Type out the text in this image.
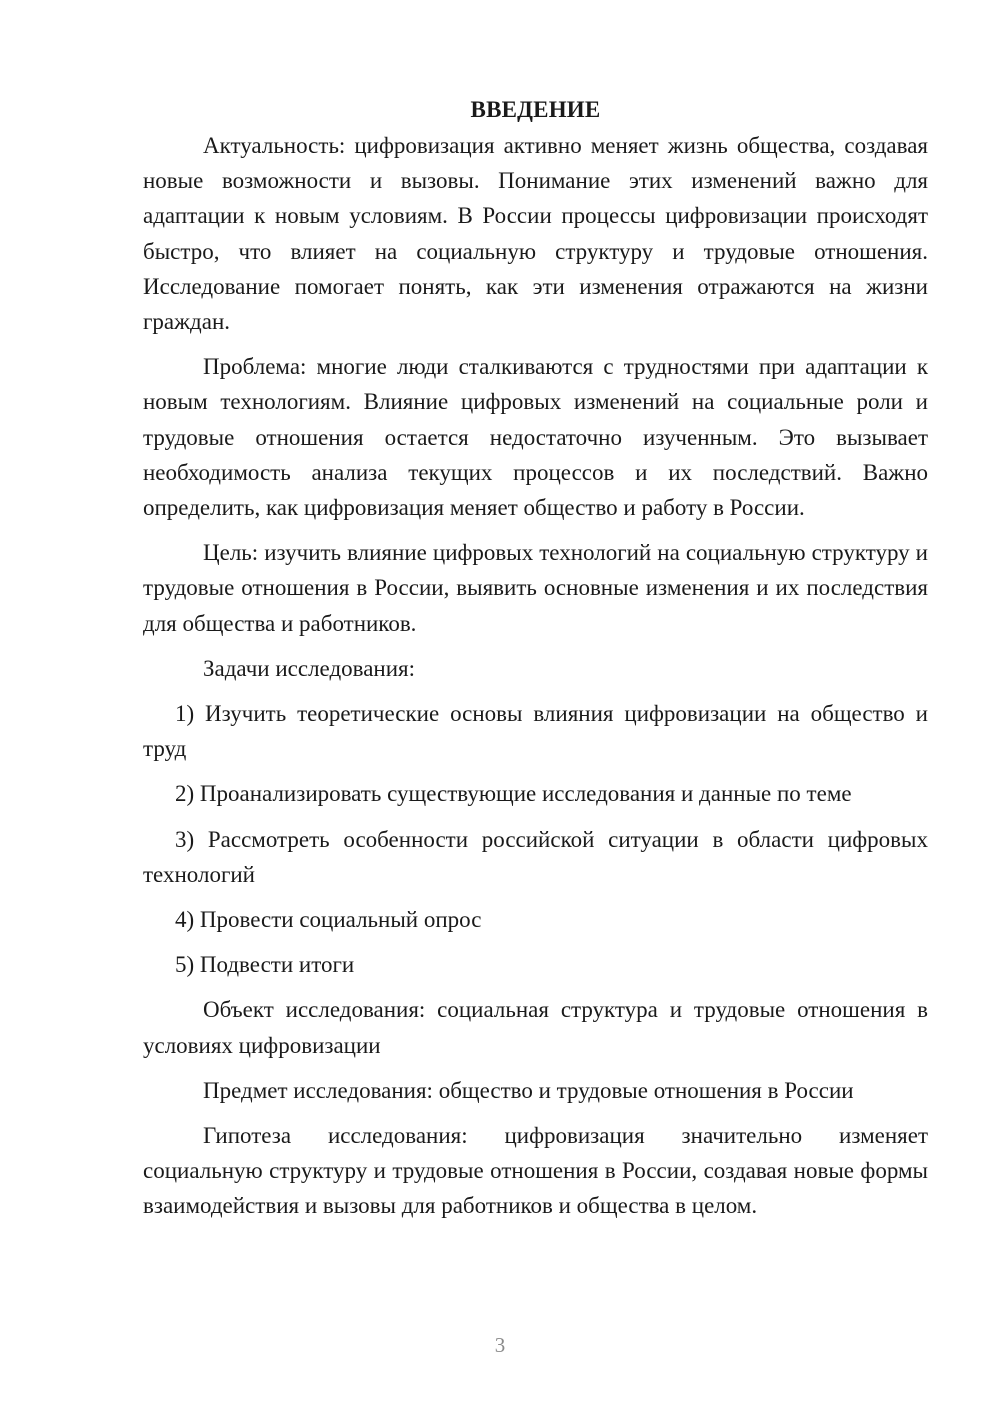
ВВЕДЕНИЕ

Актуальность: цифровизация активно меняет жизнь общества, создавая новые возможности и вызовы. Понимание этих изменений важно для адаптации к новым условиям. В России процессы цифровизации происходят быстро, что влияет на социальную структуру и трудовые отношения. Исследование помогает понять, как эти изменения отражаются на жизни граждан.

Проблема: многие люди сталкиваются с трудностями при адаптации к новым технологиям. Влияние цифровых изменений на социальные роли и трудовые отношения остается недостаточно изученным. Это вызывает необходимость анализа текущих процессов и их последствий. Важно определить, как цифровизация меняет общество и работу в России.

Цель: изучить влияние цифровых технологий на социальную структуру и трудовые отношения в России, выявить основные изменения и их последствия для общества и работников.

Задачи исследования:

1) Изучить теоретические основы влияния цифровизации на общество и труд

2) Проанализировать существующие исследования и данные по теме

3) Рассмотреть особенности российской ситуации в области цифровых технологий

4) Провести социальный опрос

5) Подвести итоги

Объект исследования: социальная структура и трудовые отношения в условиях цифровизации

Предмет исследования: общество и трудовые отношения в России

Гипотеза исследования: цифровизация значительно изменяет социальную структуру и трудовые отношения в России, создавая новые формы взаимодействия и вызовы для работников и общества в целом.

3
